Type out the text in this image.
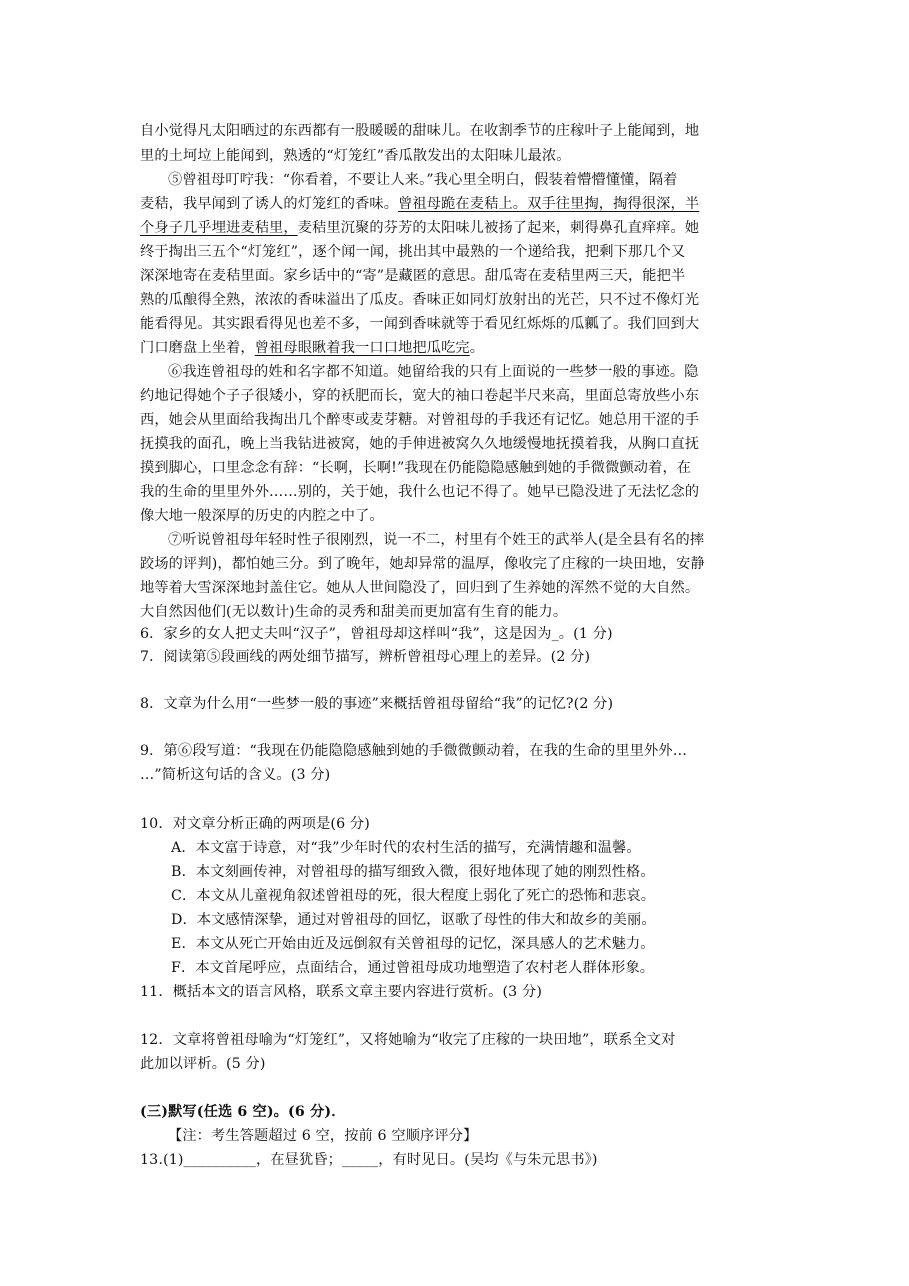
自小觉得凡太阳晒过的东西都有一股暖暖的甜味儿。在收割季节的庄稼叶子上能闻到，地
里的土坷垃上能闻到，熟透的“灯笼红”香瓜散发出的太阳味儿最浓。
⑤曾祖母叮咛我：“你看着，不要让人来。”我心里全明白，假装着懵懵懂懂，隔着
麦秸，我早闻到了诱人的灯笼红的香味。曾祖母跪在麦秸上。双手往里掏，掏得很深，半
个身子几乎埋进麦秸里，麦秸里沉聚的芬芳的太阳味儿被扬了起来，刺得鼻孔直痒痒。她
终于掏出三五个“灯笼红”，逐个闻一闻，挑出其中最熟的一个递给我，把剩下那几个又
深深地寄在麦秸里面。家乡话中的“寄”是藏匿的意思。甜瓜寄在麦秸里两三天，能把半
熟的瓜酿得全熟，浓浓的香味溢出了瓜皮。香味正如同灯放射出的光芒，只不过不像灯光
能看得见。其实跟看得见也差不多，一闻到香味就等于看见红烁烁的瓜瓤了。我们回到大
门口磨盘上坐着，曾祖母眼瞅着我一口口地把瓜吃完。
⑥我连曾祖母的姓和名字都不知道。她留给我的只有上面说的一些梦一般的事迹。隐
约地记得她个子子很矮小，穿的袄肥而长，宽大的袖口卷起半尺来高，里面总寄放些小东
西，她会从里面给我掏出几个醉枣或麦芽糖。对曾祖母的手我还有记忆。她总用干涩的手
抚摸我的面孔，晚上当我钻进被窝，她的手伸进被窝久久地缓慢地抚摸着我，从胸口直抚
摸到脚心，口里念念有辞：“长啊，长啊!”我现在仍能隐隐感触到她的手微微颤动着，在
我的生命的里里外外……别的，关于她，我什么也记不得了。她早已隐没进了无法忆念的
像大地一般深厚的历史的内腔之中了。
⑦听说曾祖母年轻时性子很刚烈，说一不二，村里有个姓王的武举人(是全县有名的摔
跤场的评判)，都怕她三分。到了晚年，她却异常的温厚，像收完了庄稼的一块田地，安静
地等着大雪深深地封盖住它。她从人世间隐没了，回归到了生养她的浑然不觉的大自然。
大自然因他们(无以数计)生命的灵秀和甜美而更加富有生育的能力。
6．家乡的女人把丈夫叫“汉子”，曾祖母却这样叫“我”，这是因为_。(1 分)
7．阅读第⑤段画线的两处细节描写，辨析曾祖母心理上的差异。(2 分)
8．文章为什么用“一些梦一般的事迹”来概括曾祖母留给“我”的记忆?(2 分)
9．第⑥段写道：“我现在仍能隐隐感触到她的手微微颤动着，在我的生命的里里外外…
…”简析这句话的含义。(3 分)
10．对文章分析正确的两项是(6 分)
A．本文富于诗意，对“我”少年时代的农村生活的描写，充满情趣和温馨。
B．本文刻画传神，对曾祖母的描写细致入微，很好地体现了她的刚烈性格。
C．本文从儿童视角叙述曾祖母的死，很大程度上弱化了死亡的恐怖和悲哀。
D．本文感情深挚，通过对曾祖母的回忆，讴歌了母性的伟大和故乡的美丽。
E．本文从死亡开始由近及远倒叙有关曾祖母的记忆，深具感人的艺术魅力。
F．本文首尾呼应，点面结合，通过曾祖母成功地塑造了农村老人群体形象。
11．概括本文的语言风格，联系文章主要内容进行赏析。(3 分)
12．文章将曾祖母喻为“灯笼红”，又将她喻为“收完了庄稼的一块田地”，联系全文对
此加以评析。(5 分)
(三)默写(任选 6 空)。(6 分)．
【注：考生答题超过 6 空，按前 6 空顺序评分】
13.(1)__________，在昼犹昏；_____，有时见日。(吴均《与朱元思书》)
